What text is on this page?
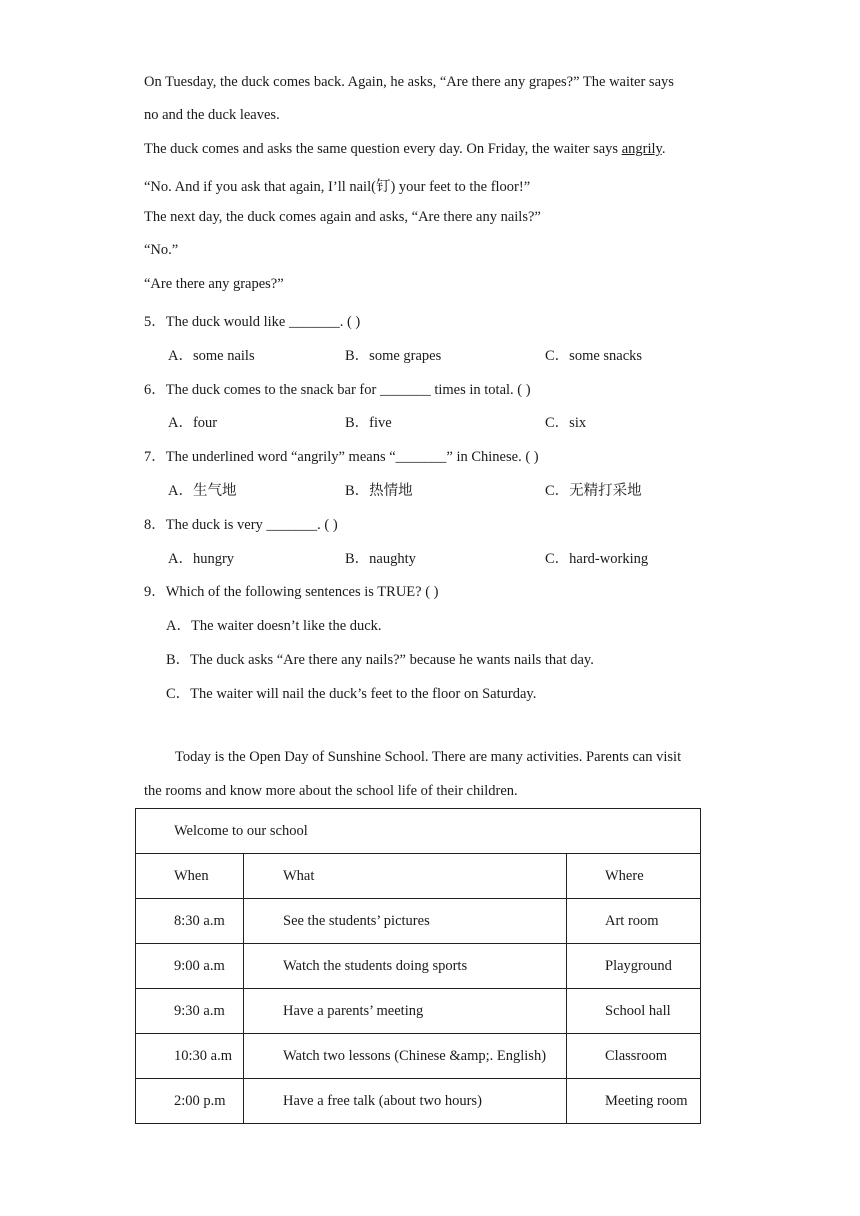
On Tuesday, the duck comes back. Again, he asks, “Are there any grapes?” The waiter says
no and the duck leaves.
The duck comes and asks the same question every day. On Friday, the waiter says angrily.
“No. And if you ask that again, I’ll nail(钉) your feet to the floor!”
The next day, the duck comes again and asks, “Are there any nails?”
“No.”
“Are there any grapes?”
5．The duck would like _______. ( )
A．some nails	B．some grapes	C．some snacks
6．The duck comes to the snack bar for _______ times in total. ( )
A．four	B．five	C．six
7．The underlined word “angrily” means “_______” in Chinese. ( )
A．生气地	B．热情地	C．无精打采地
8．The duck is very _______. ( )
A．hungry	B．naughty	C．hard-working
9．Which of the following sentences is TRUE? ( )
A．The waiter doesn’t like the duck.
B．The duck asks “Are there any nails?” because he wants nails that day.
C．The waiter will nail the duck’s feet to the floor on Saturday.
Today is the Open Day of Sunshine School. There are many activities. Parents can visit
the rooms and know more about the school life of their children.
Welcome to our school		
When	What	Where
8:30 a.m	See the students’ pictures	Art room
9:00 a.m	Watch the students doing sports	Playground
9:30 a.m	Have a parents’ meeting	School hall
10:30 a.m	Watch two lessons (Chinese &amp;. English)	Classroom
2:00 p.m	Have a free talk (about two hours)	Meeting room
